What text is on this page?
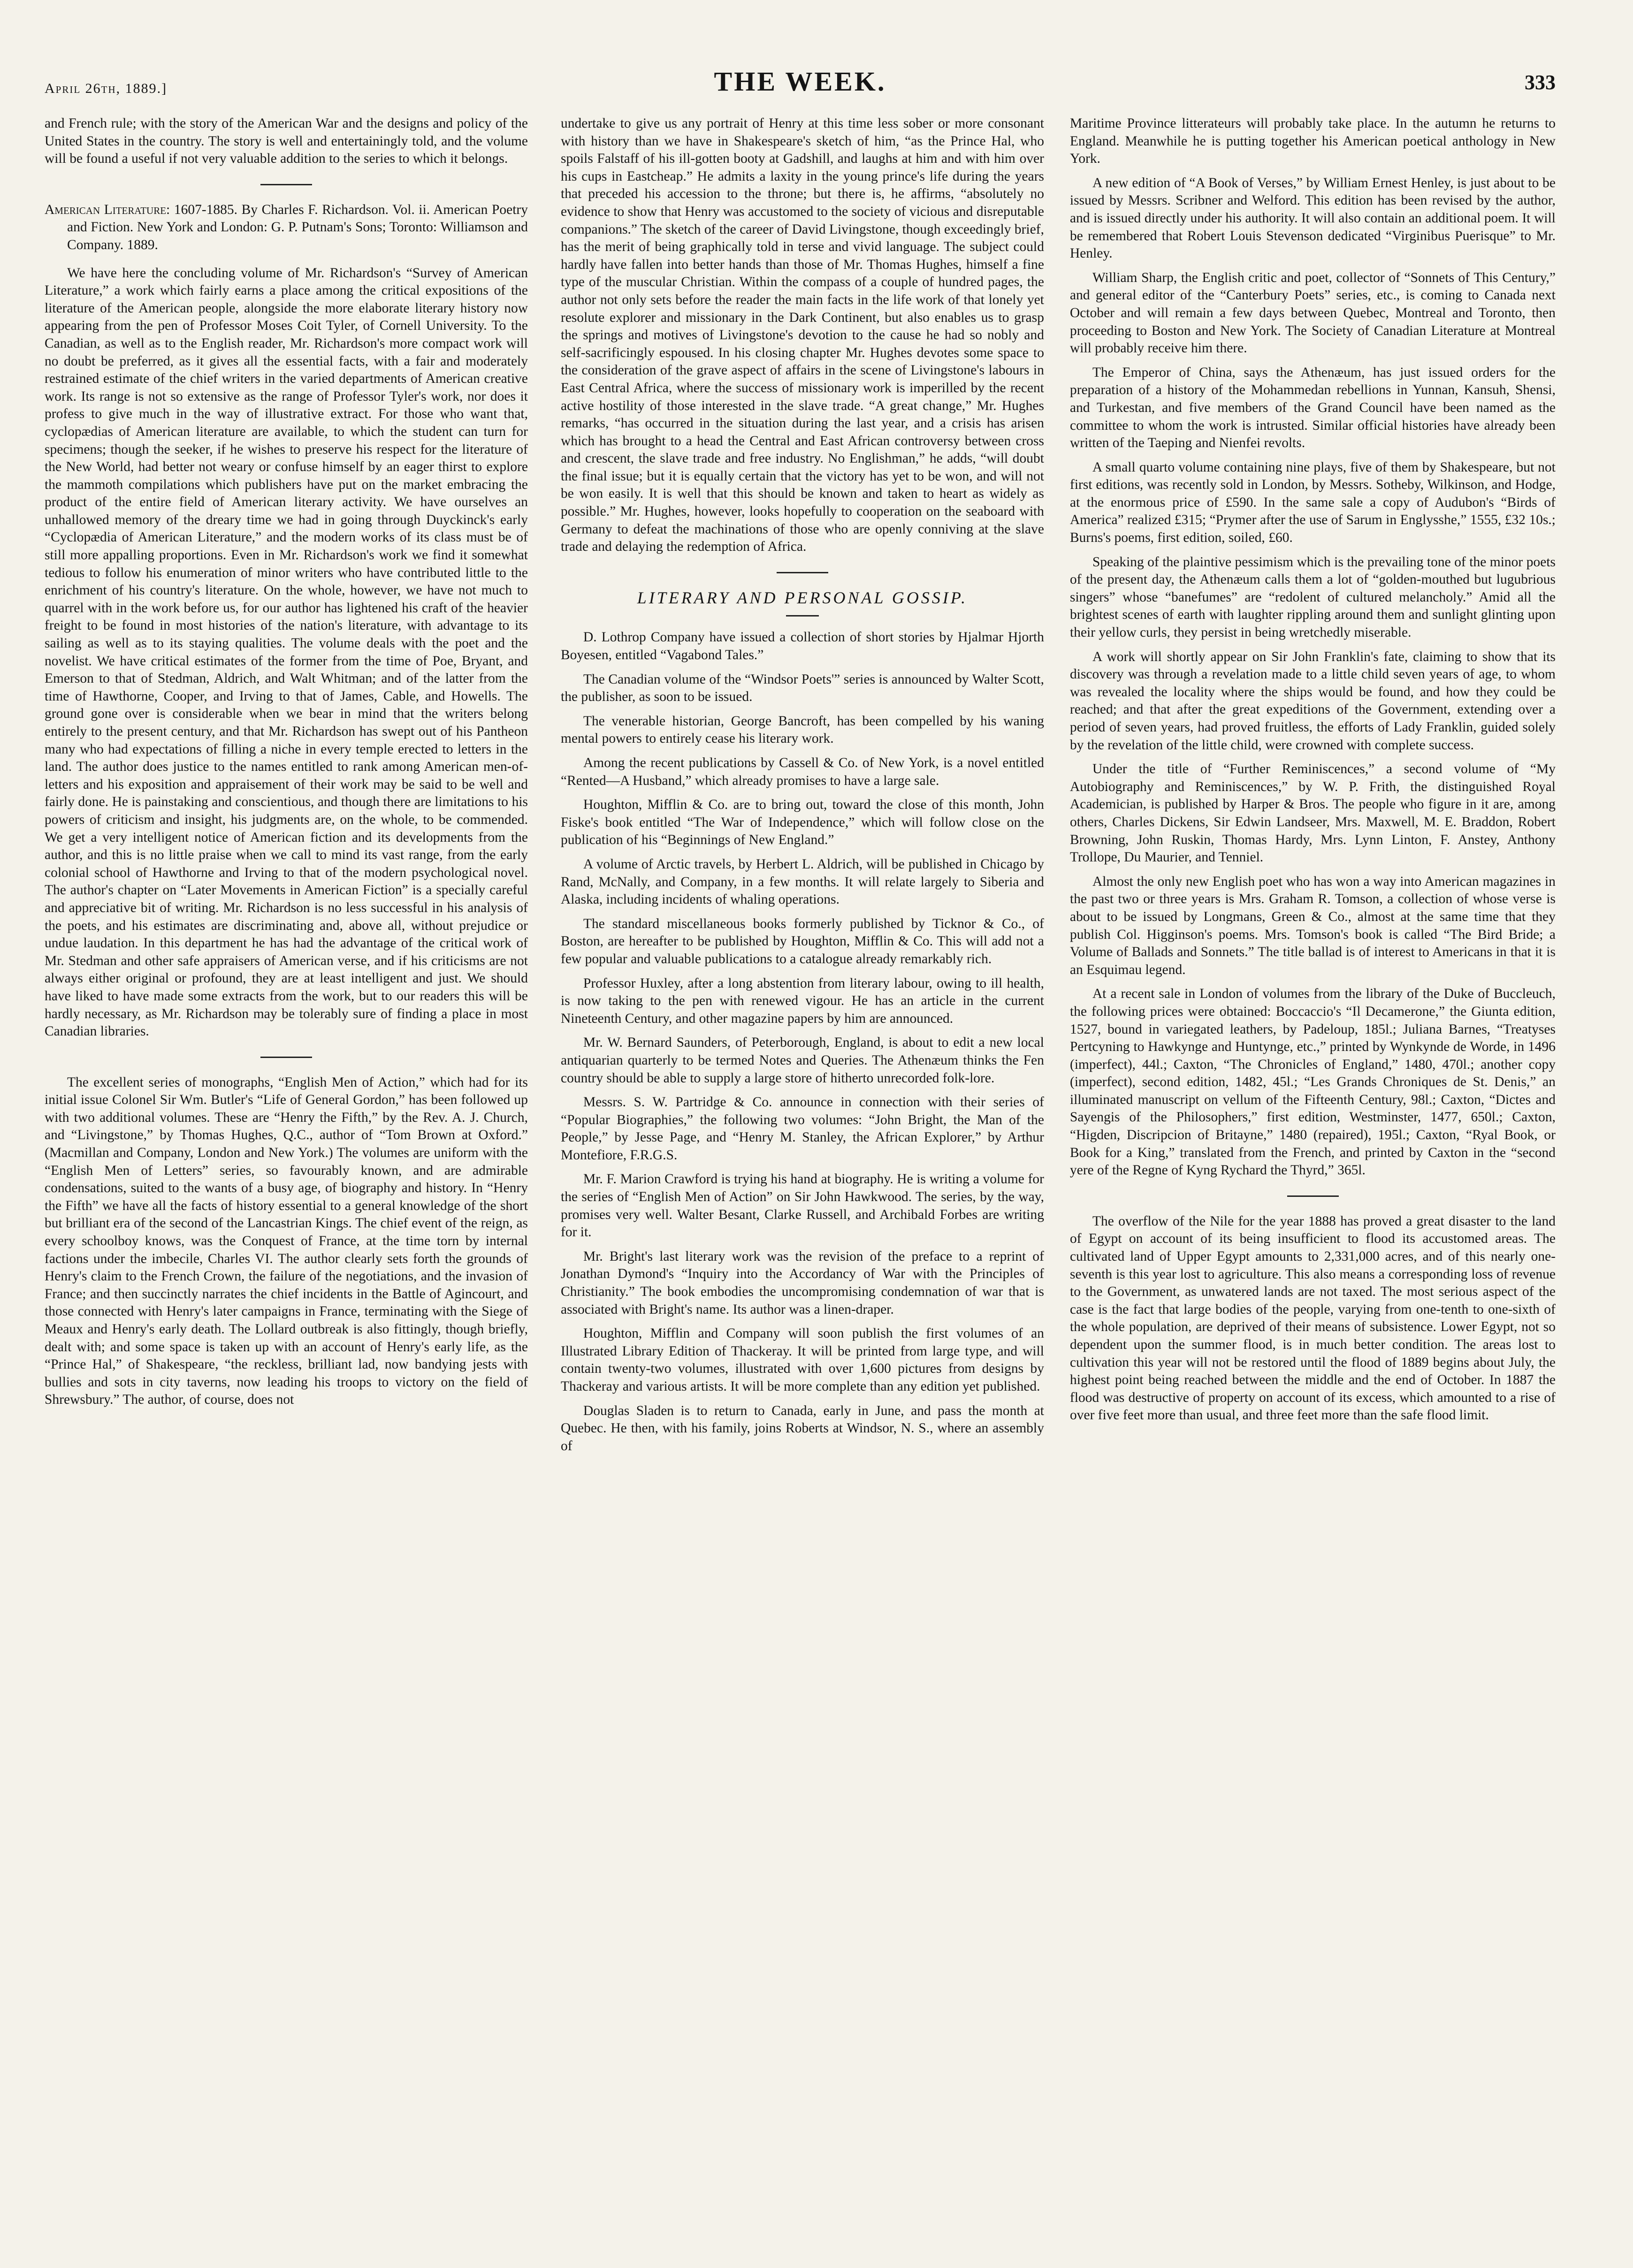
April 26th, 1889.]	THE WEEK.	333

and French rule; with the story of the American War and the designs and policy of the United States in the country. The story is well and entertainingly told, and the volume will be found a useful if not very valuable addition to the series to which it belongs.

American Literature: 1607-1885. By Charles F. Richardson. Vol. ii. American Poetry and Fiction. New York and London: G. P. Putnam's Sons; Toronto: Williamson and Company. 1889.

We have here the concluding volume of Mr. Richardson's “Survey of American Literature,” a work which fairly earns a place among the critical expositions of the literature of the American people, alongside the more elaborate literary history now appearing from the pen of Professor Moses Coit Tyler, of Cornell University. To the Canadian, as well as to the English reader, Mr. Richardson's more compact work will no doubt be preferred, as it gives all the essential facts, with a fair and moderately restrained estimate of the chief writers in the varied departments of American creative work. Its range is not so extensive as the range of Professor Tyler's work, nor does it profess to give much in the way of illustrative extract. For those who want that, cyclopædias of American literature are available, to which the student can turn for specimens; though the seeker, if he wishes to preserve his respect for the literature of the New World, had better not weary or confuse himself by an eager thirst to explore the mammoth compilations which publishers have put on the market embracing the product of the entire field of American literary activity. We have ourselves an unhallowed memory of the dreary time we had in going through Duyckinck's early “Cyclopædia of American Literature,” and the modern works of its class must be of still more appalling proportions. Even in Mr. Richardson's work we find it somewhat tedious to follow his enumeration of minor writers who have contributed little to the enrichment of his country's literature. On the whole, however, we have not much to quarrel with in the work before us, for our author has lightened his craft of the heavier freight to be found in most histories of the nation's literature, with advantage to its sailing as well as to its staying qualities. The volume deals with the poet and the novelist. We have critical estimates of the former from the time of Poe, Bryant, and Emerson to that of Stedman, Aldrich, and Walt Whitman; and of the latter from the time of Hawthorne, Cooper, and Irving to that of James, Cable, and Howells. The ground gone over is considerable when we bear in mind that the writers belong entirely to the present century, and that Mr. Richardson has swept out of his Pantheon many who had expectations of filling a niche in every temple erected to letters in the land. The author does justice to the names entitled to rank among American men-of-letters and his exposition and appraisement of their work may be said to be well and fairly done. He is painstaking and conscientious, and though there are limitations to his powers of criticism and insight, his judgments are, on the whole, to be commended. We get a very intelligent notice of American fiction and its developments from the author, and this is no little praise when we call to mind its vast range, from the early colonial school of Hawthorne and Irving to that of the modern psychological novel. The author's chapter on “Later Movements in American Fiction” is a specially careful and appreciative bit of writing. Mr. Richardson is no less successful in his analysis of the poets, and his estimates are discriminating and, above all, without prejudice or undue laudation. In this department he has had the advantage of the critical work of Mr. Stedman and other safe appraisers of American verse, and if his criticisms are not always either original or profound, they are at least intelligent and just. We should have liked to have made some extracts from the work, but to our readers this will be hardly necessary, as Mr. Richardson may be tolerably sure of finding a place in most Canadian libraries.

The excellent series of monographs, “English Men of Action,” which had for its initial issue Colonel Sir Wm. Butler's “Life of General Gordon,” has been followed up with two additional volumes. These are “Henry the Fifth,” by the Rev. A. J. Church, and “Livingstone,” by Thomas Hughes, Q.C., author of “Tom Brown at Oxford.” (Macmillan and Company, London and New York.) The volumes are uniform with the “English Men of Letters” series, so favourably known, and are admirable condensations, suited to the wants of a busy age, of biography and history. In “Henry the Fifth” we have all the facts of history essential to a general knowledge of the short but brilliant era of the second of the Lancastrian Kings. The chief event of the reign, as every schoolboy knows, was the Conquest of France, at the time torn by internal factions under the imbecile, Charles VI. The author clearly sets forth the grounds of Henry's claim to the French Crown, the failure of the negotiations, and the invasion of France; and then succinctly narrates the chief incidents in the Battle of Agincourt, and those connected with Henry's later campaigns in France, terminating with the Siege of Meaux and Henry's early death. The Lollard outbreak is also fittingly, though briefly, dealt with; and some space is taken up with an account of Henry's early life, as the “Prince Hal,” of Shakespeare, “the reckless, brilliant lad, now bandying jests with bullies and sots in city taverns, now leading his troops to victory on the field of Shrewsbury.” The author, of course, does not

undertake to give us any portrait of Henry at this time less sober or more consonant with history than we have in Shakespeare's sketch of him, “as the Prince Hal, who spoils Falstaff of his ill-gotten booty at Gadshill, and laughs at him and with him over his cups in Eastcheap.” He admits a laxity in the young prince's life during the years that preceded his accession to the throne; but there is, he affirms, “absolutely no evidence to show that Henry was accustomed to the society of vicious and disreputable companions.” The sketch of the career of David Livingstone, though exceedingly brief, has the merit of being graphically told in terse and vivid language. The subject could hardly have fallen into better hands than those of Mr. Thomas Hughes, himself a fine type of the muscular Christian. Within the compass of a couple of hundred pages, the author not only sets before the reader the main facts in the life work of that lonely yet resolute explorer and missionary in the Dark Continent, but also enables us to grasp the springs and motives of Livingstone's devotion to the cause he had so nobly and self-sacrificingly espoused. In his closing chapter Mr. Hughes devotes some space to the consideration of the grave aspect of affairs in the scene of Livingstone's labours in East Central Africa, where the success of missionary work is imperilled by the recent active hostility of those interested in the slave trade. “A great change,” Mr. Hughes remarks, “has occurred in the situation during the last year, and a crisis has arisen which has brought to a head the Central and East African controversy between cross and crescent, the slave trade and free industry. No Englishman,” he adds, “will doubt the final issue; but it is equally certain that the victory has yet to be won, and will not be won easily. It is well that this should be known and taken to heart as widely as possible.” Mr. Hughes, however, looks hopefully to cooperation on the seaboard with Germany to defeat the machinations of those who are openly conniving at the slave trade and delaying the redemption of Africa.

LITERARY AND PERSONAL GOSSIP.

D. Lothrop Company have issued a collection of short stories by Hjalmar Hjorth Boyesen, entitled “Vagabond Tales.”

The Canadian volume of the “Windsor Poets'” series is announced by Walter Scott, the publisher, as soon to be issued.

The venerable historian, George Bancroft, has been compelled by his waning mental powers to entirely cease his literary work.

Among the recent publications by Cassell & Co. of New York, is a novel entitled “Rented—A Husband,” which already promises to have a large sale.

Houghton, Mifflin & Co. are to bring out, toward the close of this month, John Fiske's book entitled “The War of Independence,” which will follow close on the publication of his “Beginnings of New England.”

A volume of Arctic travels, by Herbert L. Aldrich, will be published in Chicago by Rand, McNally, and Company, in a few months. It will relate largely to Siberia and Alaska, including incidents of whaling operations.

The standard miscellaneous books formerly published by Ticknor & Co., of Boston, are hereafter to be published by Houghton, Mifflin & Co. This will add not a few popular and valuable publications to a catalogue already remarkably rich.

Professor Huxley, after a long abstention from literary labour, owing to ill health, is now taking to the pen with renewed vigour. He has an article in the current Nineteenth Century, and other magazine papers by him are announced.

Mr. W. Bernard Saunders, of Peterborough, England, is about to edit a new local antiquarian quarterly to be termed Notes and Queries. The Athenæum thinks the Fen country should be able to supply a large store of hitherto unrecorded folk-lore.

Messrs. S. W. Partridge & Co. announce in connection with their series of “Popular Biographies,” the following two volumes: “John Bright, the Man of the People,” by Jesse Page, and “Henry M. Stanley, the African Explorer,” by Arthur Montefiore, F.R.G.S.

Mr. F. Marion Crawford is trying his hand at biography. He is writing a volume for the series of “English Men of Action” on Sir John Hawkwood. The series, by the way, promises very well. Walter Besant, Clarke Russell, and Archibald Forbes are writing for it.

Mr. Bright's last literary work was the revision of the preface to a reprint of Jonathan Dymond's “Inquiry into the Accordancy of War with the Principles of Christianity.” The book embodies the uncompromising condemnation of war that is associated with Bright's name. Its author was a linen-draper.

Houghton, Mifflin and Company will soon publish the first volumes of an Illustrated Library Edition of Thackeray. It will be printed from large type, and will contain twenty-two volumes, illustrated with over 1,600 pictures from designs by Thackeray and various artists. It will be more complete than any edition yet published.

Douglas Sladen is to return to Canada, early in June, and pass the month at Quebec. He then, with his family, joins Roberts at Windsor, N. S., where an assembly of

Maritime Province litterateurs will probably take place. In the autumn he returns to England. Meanwhile he is putting together his American poetical anthology in New York.

A new edition of “A Book of Verses,” by William Ernest Henley, is just about to be issued by Messrs. Scribner and Welford. This edition has been revised by the author, and is issued directly under his authority. It will also contain an additional poem. It will be remembered that Robert Louis Stevenson dedicated “Virginibus Puerisque” to Mr. Henley.

William Sharp, the English critic and poet, collector of “Sonnets of This Century,” and general editor of the “Canterbury Poets” series, etc., is coming to Canada next October and will remain a few days between Quebec, Montreal and Toronto, then proceeding to Boston and New York. The Society of Canadian Literature at Montreal will probably receive him there.

The Emperor of China, says the Athenæum, has just issued orders for the preparation of a history of the Mohammedan rebellions in Yunnan, Kansuh, Shensi, and Turkestan, and five members of the Grand Council have been named as the committee to whom the work is intrusted. Similar official histories have already been written of the Taeping and Nienfei revolts.

A small quarto volume containing nine plays, five of them by Shakespeare, but not first editions, was recently sold in London, by Messrs. Sotheby, Wilkinson, and Hodge, at the enormous price of £590. In the same sale a copy of Audubon's “Birds of America” realized £315; “Prymer after the use of Sarum in Englysshe,” 1555, £32 10s.; Burns's poems, first edition, soiled, £60.

Speaking of the plaintive pessimism which is the prevailing tone of the minor poets of the present day, the Athenæum calls them a lot of “golden-mouthed but lugubrious singers” whose “banefumes” are “redolent of cultured melancholy.” Amid all the brightest scenes of earth with laughter rippling around them and sunlight glinting upon their yellow curls, they persist in being wretchedly miserable.

A work will shortly appear on Sir John Franklin's fate, claiming to show that its discovery was through a revelation made to a little child seven years of age, to whom was revealed the locality where the ships would be found, and how they could be reached; and that after the great expeditions of the Government, extending over a period of seven years, had proved fruitless, the efforts of Lady Franklin, guided solely by the revelation of the little child, were crowned with complete success.

Under the title of “Further Reminiscences,” a second volume of “My Autobiography and Reminiscences,” by W. P. Frith, the distinguished Royal Academician, is published by Harper & Bros. The people who figure in it are, among others, Charles Dickens, Sir Edwin Landseer, Mrs. Maxwell, M. E. Braddon, Robert Browning, John Ruskin, Thomas Hardy, Mrs. Lynn Linton, F. Anstey, Anthony Trollope, Du Maurier, and Tenniel.

Almost the only new English poet who has won a way into American magazines in the past two or three years is Mrs. Graham R. Tomson, a collection of whose verse is about to be issued by Longmans, Green & Co., almost at the same time that they publish Col. Higginson's poems. Mrs. Tomson's book is called “The Bird Bride; a Volume of Ballads and Sonnets.” The title ballad is of interest to Americans in that it is an Esquimau legend.

At a recent sale in London of volumes from the library of the Duke of Buccleuch, the following prices were obtained: Boccaccio's “Il Decamerone,” the Giunta edition, 1527, bound in variegated leathers, by Padeloup, 185l.; Juliana Barnes, “Treatyses Pertcyning to Hawkynge and Huntynge, etc.,” printed by Wynkynde de Worde, in 1496 (imperfect), 44l.; Caxton, “The Chronicles of England,” 1480, 470l.; another copy (imperfect), second edition, 1482, 45l.; “Les Grands Chroniques de St. Denis,” an illuminated manuscript on vellum of the Fifteenth Century, 98l.; Caxton, “Dictes and Sayengis of the Philosophers,” first edition, Westminster, 1477, 650l.; Caxton, “Higden, Discripcion of Britayne,” 1480 (repaired), 195l.; Caxton, “Ryal Book, or Book for a King,” translated from the French, and printed by Caxton in the “second yere of the Regne of Kyng Rychard the Thyrd,” 365l.

The overflow of the Nile for the year 1888 has proved a great disaster to the land of Egypt on account of its being insufficient to flood its accustomed areas. The cultivated land of Upper Egypt amounts to 2,331,000 acres, and of this nearly one-seventh is this year lost to agriculture. This also means a corresponding loss of revenue to the Government, as unwatered lands are not taxed. The most serious aspect of the case is the fact that large bodies of the people, varying from one-tenth to one-sixth of the whole population, are deprived of their means of subsistence. Lower Egypt, not so dependent upon the summer flood, is in much better condition. The areas lost to cultivation this year will not be restored until the flood of 1889 begins about July, the highest point being reached between the middle and the end of October. In 1887 the flood was destructive of property on account of its excess, which amounted to a rise of over five feet more than usual, and three feet more than the safe flood limit.
